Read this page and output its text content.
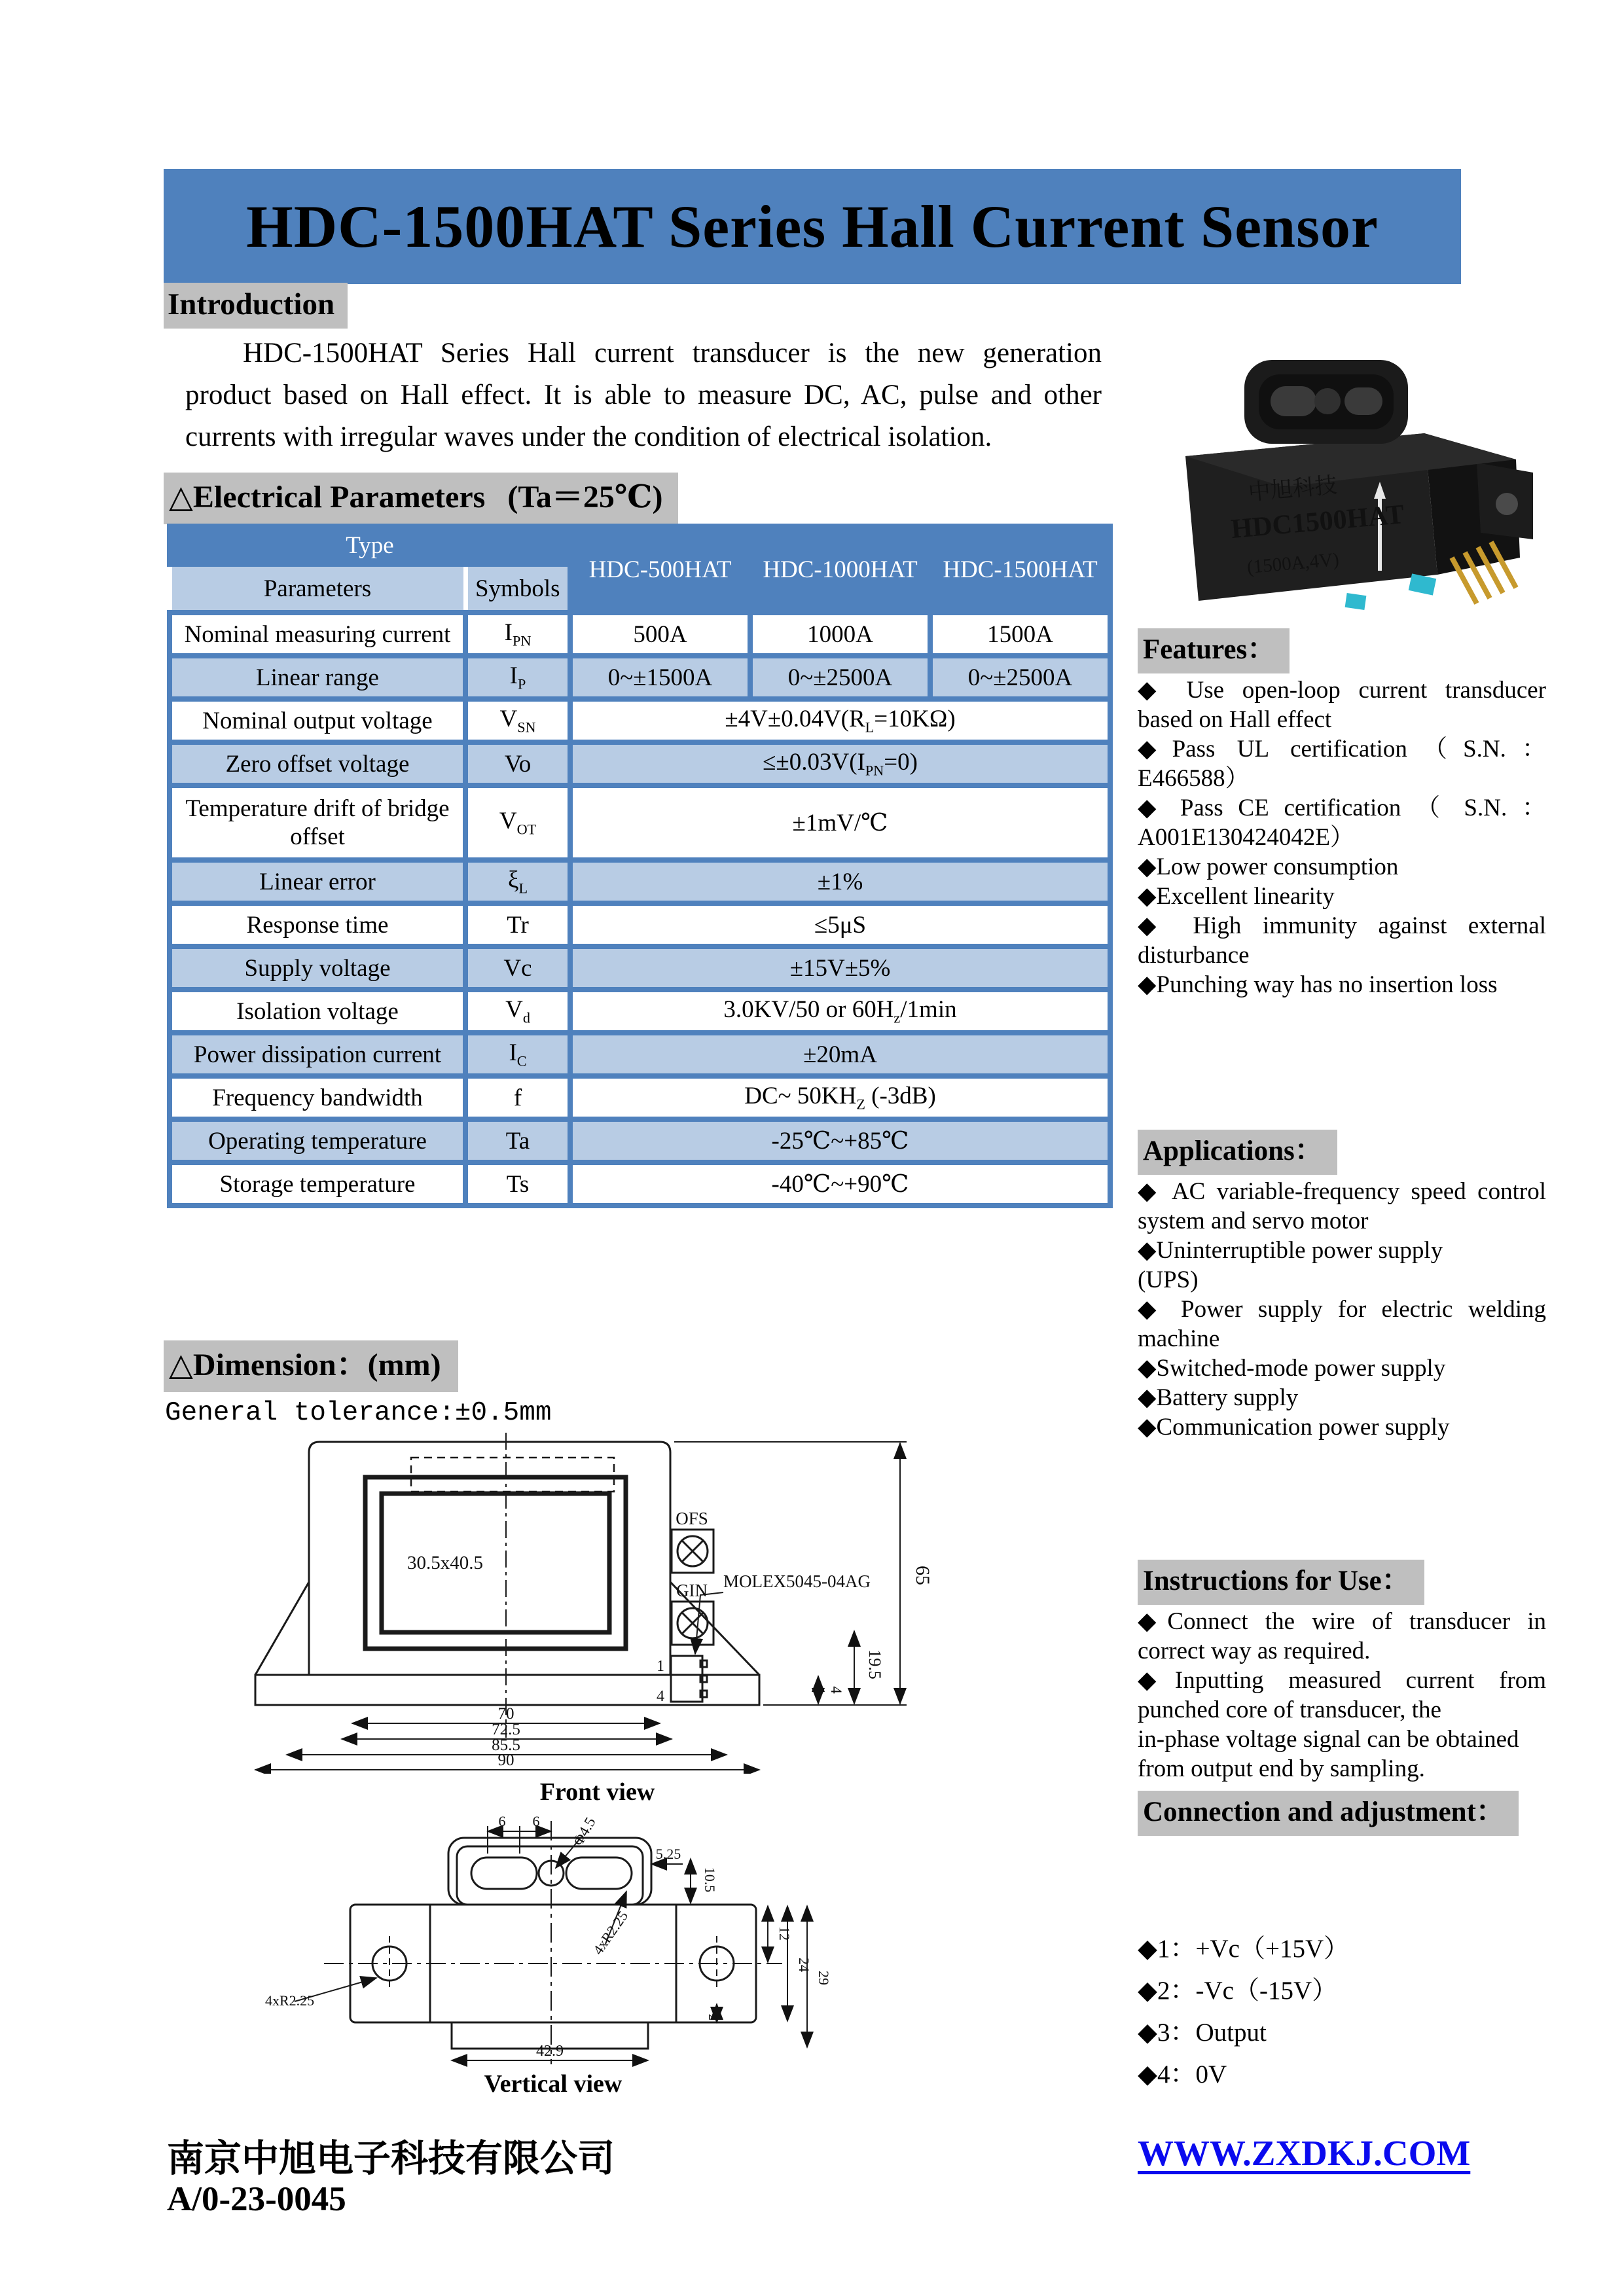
HDC-1500HAT Series Hall Current Sensor
Introduction
HDC-1500HAT Series Hall current transducer is the new generation
product based on Hall effect. It is able to measure DC, AC, pulse and other
currents with irregular waves under the condition of electrical isolation.
△Electrical Parameters (Ta＝25℃)
Type		HDC-500HAT	HDC-1000HAT	HDC-1500HAT
Parameters	Symbols			
Nominal measuring current	$I_{PN}$	500A	1000A	1500A
Linear range	$I_P$	0~±1500A	0~±2500A	0~±2500A
Nominal output voltage	$V_{SN}$	$\pm 4V\pm 0.04V(R_L=10K\Omega)$		
Zero offset voltage	Vo	$\le\pm 0.03V(I_{PN}=0)$		
Temperature drift of bridge offset	$V_{OT}$	±1mV/℃		
Linear error	$\xi_L$	±1%		
Response time	Tr	≤5μS		
Supply voltage	Vc	±15V±5%		
Isolation voltage	$V_d$	3.0KV/50 or $60H_z/1\min$		
Power dissipation current	$I_C$	±20mA		
Frequency bandwidth	f	DC~ $50KH_Z$ (-3dB)		
Operating temperature	Ta	-25℃~+85℃		
Storage temperature	Ts	-40℃~+90℃		
中旭科技
HDC1500HAT
(1500A,4V)
Features：
◆ Use open-loop current transducer
based on Hall effect
◆Pass UL certification（S.N.：E466588）
◆ Pass CE certification （ S.N. ：
A001E130424042E）
◆Low power consumption
◆Excellent linearity
◆ High immunity against external
disturbance
◆Punching way has no insertion loss
Applications：
◆ AC variable-frequency speed control
system and servo motor
◆Uninterruptible power supply
(UPS)
◆ Power supply for electric welding
machine
◆Switched-mode power supply
◆Battery supply
◆Communication power supply
Instructions for Use：
◆Connect the wire of transducer in
correct way as required.
◆Inputting measured current from
punched core of transducer, the
in-phase voltage signal can be obtained
from output end by sampling.
Connection and adjustment：
◆1：+Vc（+15V）
◆2：-Vc（-15V）
◆3：Output
◆4：0V
△Dimension：(mm)
General tolerance:±0.5mm
OFS
GIN
30.5x40.5
MOLEX5045-04AG
1
4
65
19.5
4
70
72.5
85.5
90
Front view
6 6 Φ4.5
5.25
10.5
12
24
29
2
42.9
4xR2.25
4xR2.25
Vertical view
南京中旭电子科技有限公司
A/0-23-0045
WWW.ZXDKJ.COM
